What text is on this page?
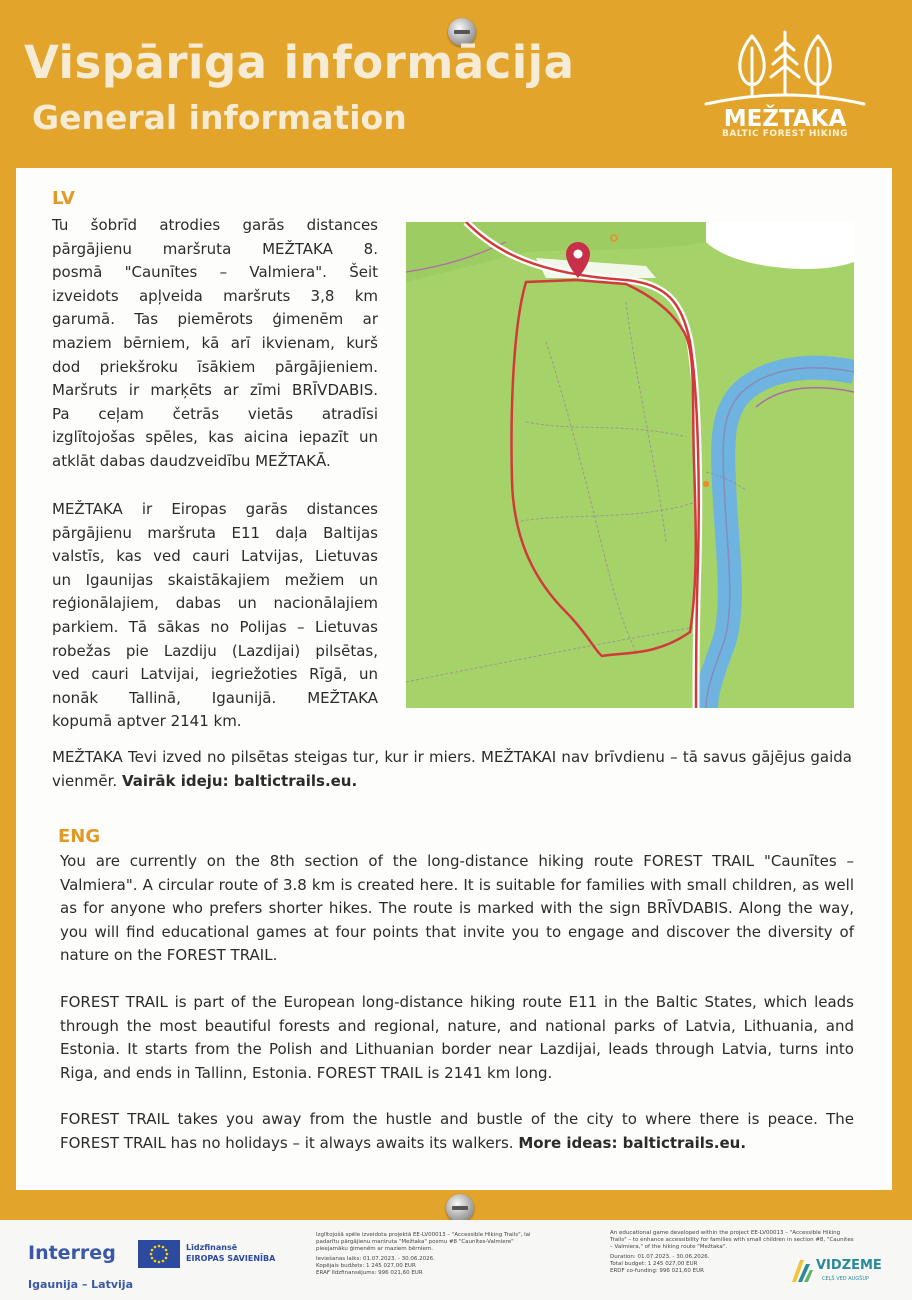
Vispārīga informācija
General information	MEŽTAKA
BALTIC FOREST HIKING
LV
Tu šobrīd atrodies garās distances
pārgājienu maršruta MEŽTAKA 8.
posmā "Caunītes – Valmiera". Šeit
izveidots apļveida maršruts 3,8 km
garumā. Tas piemērots ģimenēm ar
maziem bērniem, kā arī ikvienam, kurš
dod priekšroku īsākiem pārgājieniem.
Maršruts ir marķēts ar zīmi BRĪVDABIS.
Pa ceļam četrās vietās atradīsi
izglītojošas spēles, kas aicina iepazīt un
atklāt dabas daudzveidību MEŽTAKĀ.
MEŽTAKA ir Eiropas garās distances
pārgājienu maršruta E11 daļa Baltijas
valstīs, kas ved cauri Latvijas, Lietuvas
un Igaunijas skaistākajiem mežiem un
reģionālajiem, dabas un nacionālajiem
parkiem. Tā sākas no Polijas – Lietuvas
robežas pie Lazdiju (Lazdijai) pilsētas,
ved cauri Latvijai, iegriežoties Rīgā, un
nonāk Tallinā, Igaunijā. MEŽTAKA
kopumā aptver 2141 km.
MEŽTAKA Tevi izved no pilsētas steigas tur, kur ir miers. MEŽTAKAI nav brīvdienu – tā savus gājējus gaida vienmēr. Vairāk ideju: baltictrails.eu.
ENG

You are currently on the 8th section of the long-distance hiking route FOREST TRAIL "Caunītes – Valmiera". A circular route of 3.8 km is created here. It is suitable for families with small children, as well as for anyone who prefers shorter hikes. The route is marked with the sign BRĪVDABIS. Along the way, you will find educational games at four points that invite you to engage and discover the diversity of nature on the FOREST TRAIL.

FOREST TRAIL is part of the European long-distance hiking route E11 in the Baltic States, which leads through the most beautiful forests and regional, nature, and national parks of Latvia, Lithuania, and Estonia. It starts from the Polish and Lithuanian border near Lazdijai, leads through Latvia, turns into Riga, and ends in Tallinn, Estonia. FOREST TRAIL is 2141 km long.

FOREST TRAIL takes you away from the hustle and bustle of the city to where there is peace. The FOREST TRAIL has no holidays – it always awaits its walkers. More ideas: baltictrails.eu.

Interreg
Igaunija – Latvija
Līdzfinansē
EIROPAS SAVIENĪBA
Izglītojošā spēle izveidota projektā EE-LV00013 – "Accessible Hiking Trails", lai
padarītu pārgājienu maršruta "Mežtaka" posmu #8 "Caunītes-Valmiere"
pieejamāku ģimenēm ar maziem bērniem.
Ieviešanas laiks: 01.07.2023. - 30.06.2026.
Kopējais budžets: 1 245 027,00 EUR
ERAF līdzfinansējums: 996 021,60 EUR
An educational game developed within the project EE-LV00013 – "Accessible Hiking
Trails" – to enhance accessibility for families with small children in section #8, "Caunites
– Valmiera," of the hiking route "Mežtaka".
Duration: 01.07.2023. - 30.06.2026.
Total budget: 1 245 027,00 EUR
ERDF co-funding: 996 021,60 EUR	VIDZEME
CEĻŠ VED AUGŠUP
